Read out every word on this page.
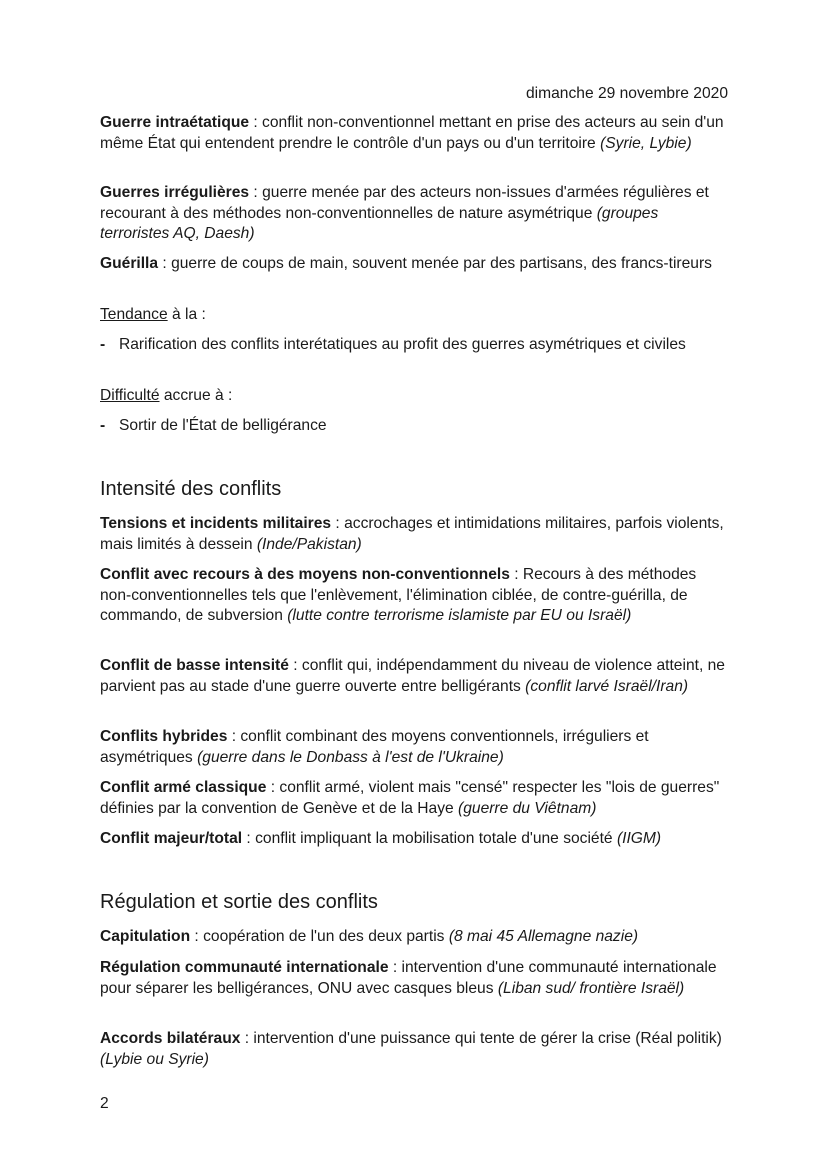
dimanche 29 novembre 2020
Guerre intraétatique : conflit non-conventionnel mettant en prise des acteurs au sein d'un même État qui entendent prendre le contrôle d'un pays ou d'un territoire (Syrie, Lybie)
Guerres irrégulières : guerre menée par des acteurs non-issues d'armées régulières et recourant à des méthodes non-conventionnelles de nature asymétrique (groupes terroristes AQ, Daesh)
Guérilla : guerre de coups de main, souvent menée par des partisans, des francs-tireurs
Tendance à la :
- Rarification des conflits interétatiques au profit des guerres asymétriques et civiles
Difficulté accrue à :
- Sortir de l'État de belligérance
Intensité des conflits
Tensions et incidents militaires : accrochages et intimidations militaires, parfois violents, mais limités à dessein (Inde/Pakistan)
Conflit avec recours à des moyens non-conventionnels : Recours à des méthodes non-conventionnelles tels que l'enlèvement, l'élimination ciblée, de contre-guérilla, de commando, de subversion (lutte contre terrorisme islamiste par EU ou Israël)
Conflit de basse intensité : conflit qui, indépendamment du niveau de violence atteint, ne parvient pas au stade d'une guerre ouverte entre belligérants (conflit larvé Israël/Iran)
Conflits hybrides : conflit combinant des moyens conventionnels, irréguliers et asymétriques (guerre dans le Donbass à l'est de l'Ukraine)
Conflit armé classique : conflit armé, violent mais "censé" respecter les "lois de guerres" définies par la convention de Genève et de la Haye (guerre du Viêtnam)
Conflit majeur/total : conflit impliquant la mobilisation totale d'une société (IIGM)
Régulation et sortie des conflits
Capitulation : coopération de l'un des deux partis (8 mai 45 Allemagne nazie)
Régulation communauté internationale : intervention d'une communauté internationale pour séparer les belligérances, ONU avec casques bleus (Liban sud/ frontière Israël)
Accords bilatéraux : intervention d'une puissance qui tente de gérer la crise (Réal politik) (Lybie ou Syrie)
2
